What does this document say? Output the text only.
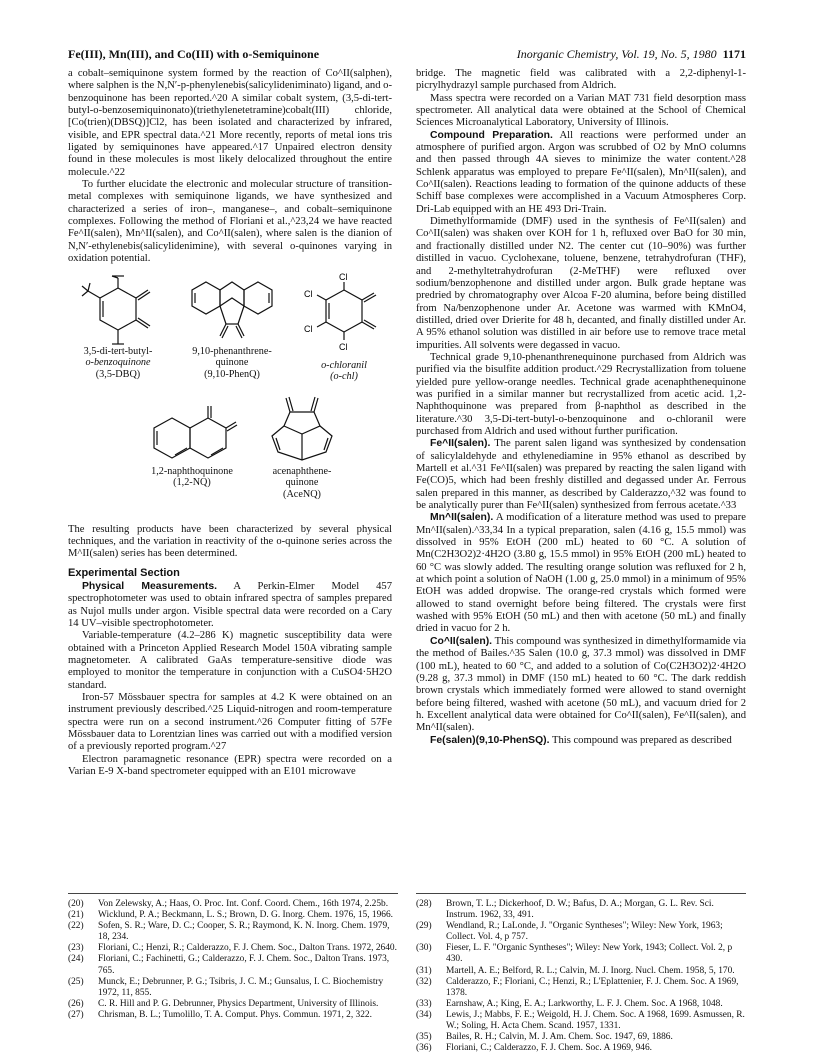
Fe(III), Mn(III), and Co(III) with o-Semiquinone	Inorganic Chemistry, Vol. 19, No. 5, 1980 1171

a cobalt–semiquinone system formed by the reaction of Co^II(salphen), where salphen is the N,N′-p-phenylenebis(salicylideniminato) ligand, and o-benzoquinone has been reported.^20 A similar cobalt system, (3,5-di-tert-butyl-o-benzosemiquinonato)(triethylenetetramine)cobalt(III) chloride, [Co(trien)(DBSQ)]Cl2, has been isolated and characterized by infrared, visible, and EPR spectral data.^21 More recently, reports of metal ions tris ligated by semiquinones have appeared.^17 Unpaired electron density found in these molecules is most likely delocalized throughout the entire molecule.^22

To further elucidate the electronic and molecular structure of transition-metal complexes with semiquinone ligands, we have synthesized and characterized a series of iron–, manganese–, and cobalt–semiquinone complexes. Following the method of Floriani et al.,^23,24 we have reacted Fe^II(salen), Mn^II(salen), and Co^II(salen), where salen is the dianion of N,N′-ethylenebis(salicylidenimine), with several o-quinones varying in oxidation potential.

3,5-di-tert-butyl-
o-benzoquinone
(3,5-DBQ)
9,10-phenanthrene-
quinone
(9,10-PhenQ)
Cl
Cl
Cl
Cl
o-chloranil
(o-chl)
1,2-naphthoquinone
(1,2-NQ)
acenaphthene-
quinone
(AceNQ)

The resulting products have been characterized by several physical techniques, and the variation in reactivity of the o-quinone series across the M^II(salen) series has been determined.

Experimental Section

Physical Measurements. A Perkin-Elmer Model 457 spectrophotometer was used to obtain infrared spectra of samples prepared as Nujol mulls under argon. Visible spectral data were recorded on a Cary 14 UV–visible spectrophotometer.

Variable-temperature (4.2–286 K) magnetic susceptibility data were obtained with a Princeton Applied Research Model 150A vibrating sample magnetometer. A calibrated GaAs temperature-sensitive diode was employed to monitor the temperature in conjunction with a CuSO4·5H2O standard.

Iron-57 Mössbauer spectra for samples at 4.2 K were obtained on an instrument previously described.^25 Liquid-nitrogen and room-temperature spectra were run on a second instrument.^26 Computer fitting of 57Fe Mössbauer data to Lorentzian lines was carried out with a modified version of a previously reported program.^27

Electron paramagnetic resonance (EPR) spectra were recorded on a Varian E-9 X-band spectrometer equipped with an E101 microwave

bridge. The magnetic field was calibrated with a 2,2-diphenyl-1-picrylhydrazyl sample purchased from Aldrich.

Mass spectra were recorded on a Varian MAT 731 field desorption mass spectrometer. All analytical data were obtained at the School of Chemical Sciences Microanalytical Laboratory, University of Illinois.

Compound Preparation. All reactions were performed under an atmosphere of purified argon. Argon was scrubbed of O2 by MnO columns and then passed through 4A sieves to minimize the water content.^28 Schlenk apparatus was employed to prepare Fe^II(salen), Mn^II(salen), and Co^II(salen). Reactions leading to formation of the quinone adducts of these Schiff base complexes were accomplished in a Vacuum Atmospheres Corp. Dri-Lab equipped with an HE 493 Dri-Train.

Dimethylformamide (DMF) used in the synthesis of Fe^II(salen) and Co^II(salen) was shaken over KOH for 1 h, refluxed over BaO for 30 min, and fractionally distilled under N2. The center cut (10–90%) was further distilled in vacuo. Cyclohexane, toluene, benzene, tetrahydrofuran (THF), and 2-methyltetrahydrofuran (2-MeTHF) were refluxed over sodium/benzophenone and distilled under argon. Bulk grade heptane was predried by chromatography over Alcoa F-20 alumina, before being distilled from Na/benzophenone under Ar. Acetone was warmed with KMnO4, distilled, dried over Drierite for 48 h, decanted, and finally distilled under Ar. A 95% ethanol solution was distilled in air before use to remove trace metal impurities. All solvents were degassed in vacuo.

Technical grade 9,10-phenanthrenequinone purchased from Aldrich was purified via the bisulfite addition product.^29 Recrystallization from toluene yielded pure yellow-orange needles. Technical grade acenaphthenequinone was purified in a similar manner but recrystallized from acetic acid. 1,2-Naphthoquinone was prepared from β-naphthol as described in the literature.^30 3,5-Di-tert-butyl-o-benzoquinone and o-chloranil were purchased from Aldrich and used without further purification.

Fe^II(salen). The parent salen ligand was synthesized by condensation of salicylaldehyde and ethylenediamine in 95% ethanol as described by Martell et al.^31 Fe^II(salen) was prepared by reacting the salen ligand with Fe(CO)5, which had been freshly distilled and degassed under Ar. Ferrous salen prepared in this manner, as described by Calderazzo,^32 was found to be analytically purer than Fe^II(salen) synthesized from ferrous acetate.^33

Mn^II(salen). A modification of a literature method was used to prepare Mn^II(salen).^33,34 In a typical preparation, salen (4.16 g, 15.5 mmol) was dissolved in 95% EtOH (200 mL) heated to 60 °C. A solution of Mn(C2H3O2)2·4H2O (3.80 g, 15.5 mmol) in 95% EtOH (200 mL) heated to 60 °C was slowly added. The resulting orange solution was refluxed for 2 h, at which point a solution of NaOH (1.00 g, 25.0 mmol) in a minimum of 95% EtOH was added dropwise. The orange-red crystals which formed were allowed to stand overnight before being filtered. The crystals were first washed with 95% EtOH (50 mL) and then with acetone (50 mL) and finally dried in vacuo for 2 h.

Co^II(salen). This compound was synthesized in dimethylformamide via the method of Bailes.^35 Salen (10.0 g, 37.3 mmol) was dissolved in DMF (100 mL), heated to 60 °C, and added to a solution of Co(C2H3O2)2·4H2O (9.28 g, 37.3 mmol) in DMF (150 mL) heated to 60 °C. The dark reddish brown crystals which immediately formed were allowed to stand overnight before being filtered, washed with acetone (50 mL), and vacuum dried for 2 h. Excellent analytical data were obtained for Co^II(salen), Fe^II(salen), and Mn^II(salen).

Fe(salen)(9,10-PhenSQ). This compound was prepared as described

(20)	Von Zelewsky, A.; Haas, O. Proc. Int. Conf. Coord. Chem., 16th 1974, 2.25b.
(21)	Wicklund, P. A.; Beckmann, L. S.; Brown, D. G. Inorg. Chem. 1976, 15, 1966.
(22)	Sofen, S. R.; Ware, D. C.; Cooper, S. R.; Raymond, K. N. Inorg. Chem. 1979, 18, 234.
(23)	Floriani, C.; Henzi, R.; Calderazzo, F. J. Chem. Soc., Dalton Trans. 1972, 2640.
(24)	Floriani, C.; Fachinetti, G.; Calderazzo, F. J. Chem. Soc., Dalton Trans. 1973, 765.
(25)	Munck, E.; Debrunner, P. G.; Tsibris, J. C. M.; Gunsalus, I. C. Biochemistry 1972, 11, 855.
(26)	C. R. Hill and P. G. Debrunner, Physics Department, University of Illinois.
(27)	Chrisman, B. L.; Tumolillo, T. A. Comput. Phys. Commun. 1971, 2, 322.
(28)	Brown, T. L.; Dickerhoof, D. W.; Bafus, D. A.; Morgan, G. L. Rev. Sci. Instrum. 1962, 33, 491.
(29)	Wendland, R.; LaLonde, J. "Organic Syntheses"; Wiley: New York, 1963; Collect. Vol. 4, p 757.
(30)	Fieser, L. F. "Organic Syntheses"; Wiley: New York, 1943; Collect. Vol. 2, p 430.
(31)	Martell, A. E.; Belford, R. L.; Calvin, M. J. Inorg. Nucl. Chem. 1958, 5, 170.
(32)	Calderazzo, F.; Floriani, C.; Henzi, R.; L'Eplattenier, F. J. Chem. Soc. A 1969, 1378.
(33)	Earnshaw, A.; King, E. A.; Larkworthy, L. F. J. Chem. Soc. A 1968, 1048.
(34)	Lewis, J.; Mabbs, F. E.; Weigold, H. J. Chem. Soc. A 1968, 1699. Asmussen, R. W.; Soling, H. Acta Chem. Scand. 1957, 1331.
(35)	Bailes, R. H.; Calvin, M. J. Am. Chem. Soc. 1947, 69, 1886.
(36)	Floriani, C.; Calderazzo, F. J. Chem. Soc. A 1969, 946.
